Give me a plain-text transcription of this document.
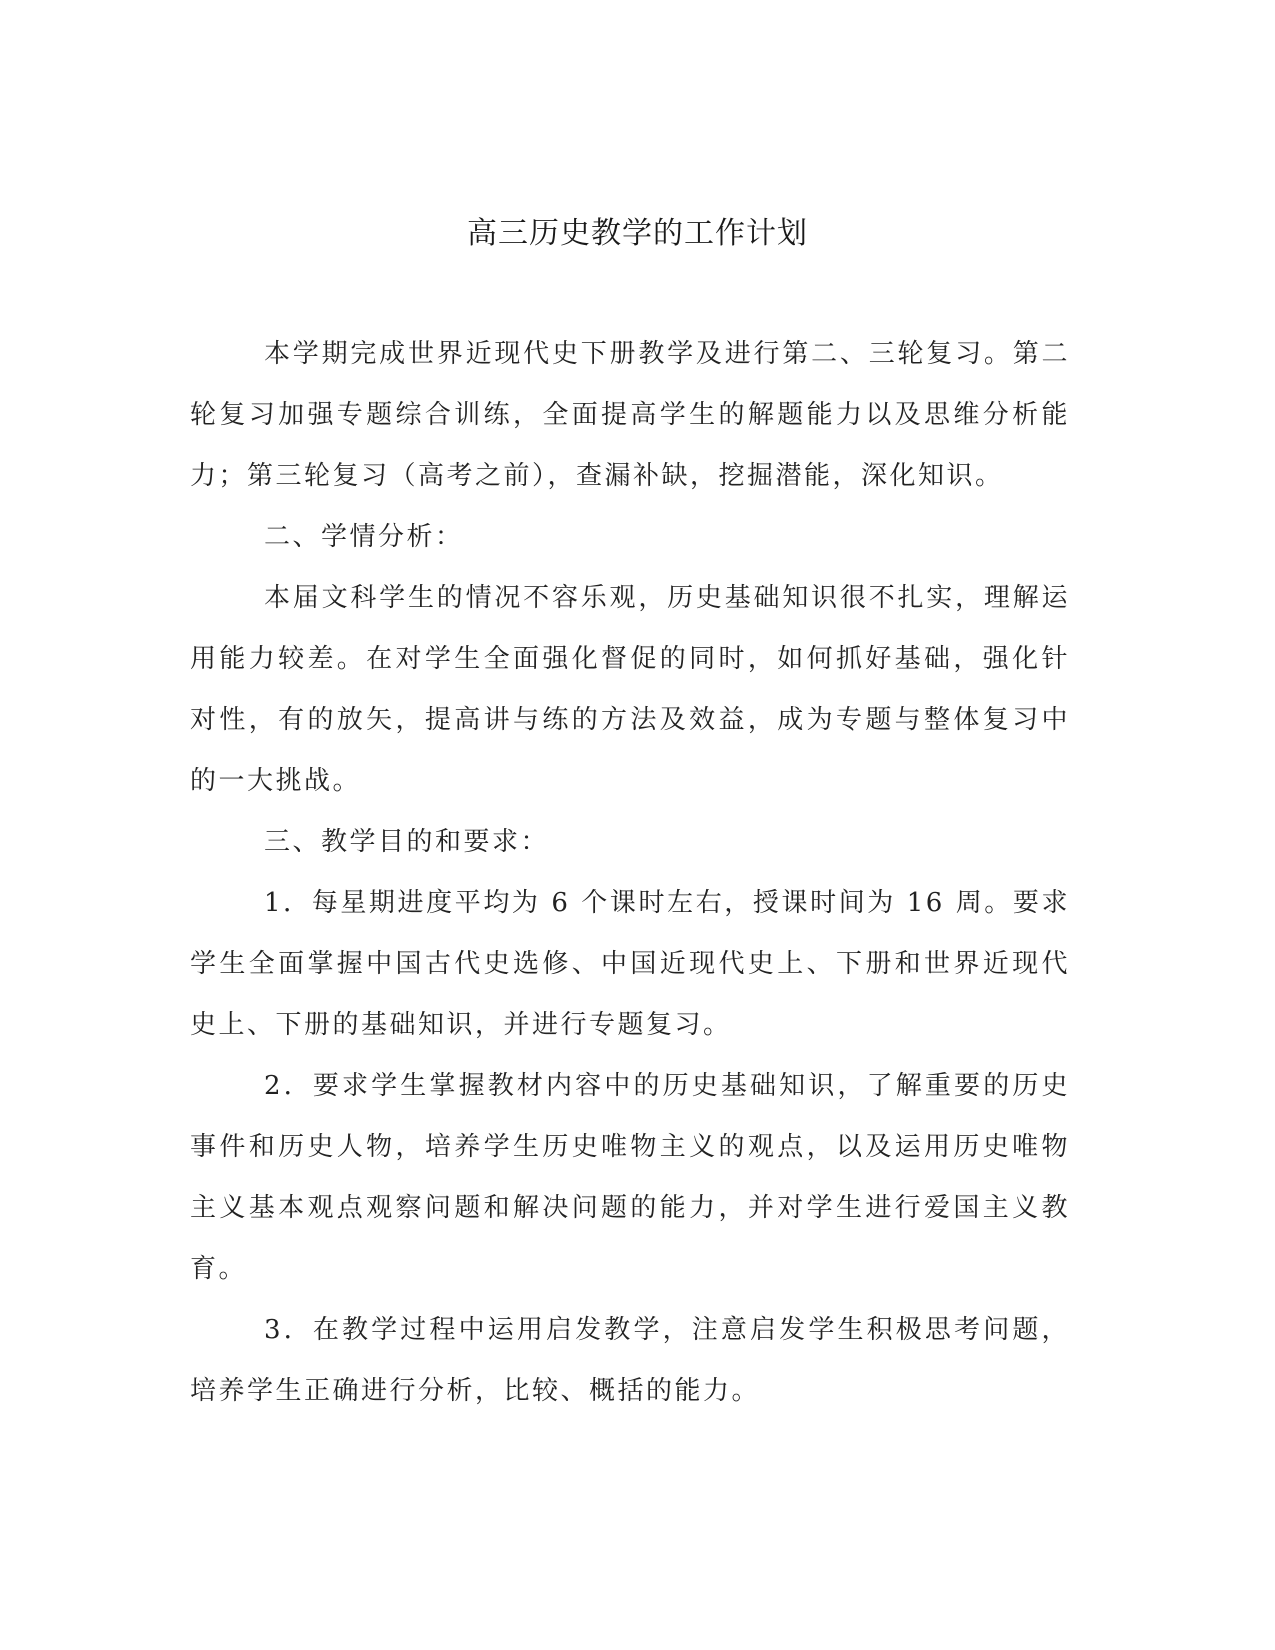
高三历史教学的工作计划

本学期完成世界近现代史下册教学及进行第二、三轮复习。第二轮复习加强专题综合训练，全面提高学生的解题能力以及思维分析能力；第三轮复习（高考之前），查漏补缺，挖掘潜能，深化知识。

二、学情分析：

本届文科学生的情况不容乐观，历史基础知识很不扎实，理解运用能力较差。在对学生全面强化督促的同时，如何抓好基础，强化针对性，有的放矢，提高讲与练的方法及效益，成为专题与整体复习中的一大挑战。

三、教学目的和要求：

1．每星期进度平均为 6 个课时左右，授课时间为 16 周。要求学生全面掌握中国古代史选修、中国近现代史上、下册和世界近现代史上、下册的基础知识，并进行专题复习。

2．要求学生掌握教材内容中的历史基础知识，了解重要的历史事件和历史人物，培养学生历史唯物主义的观点，以及运用历史唯物主义基本观点观察问题和解决问题的能力，并对学生进行爱国主义教育。

3．在教学过程中运用启发教学，注意启发学生积极思考问题，培养学生正确进行分析，比较、概括的能力。
